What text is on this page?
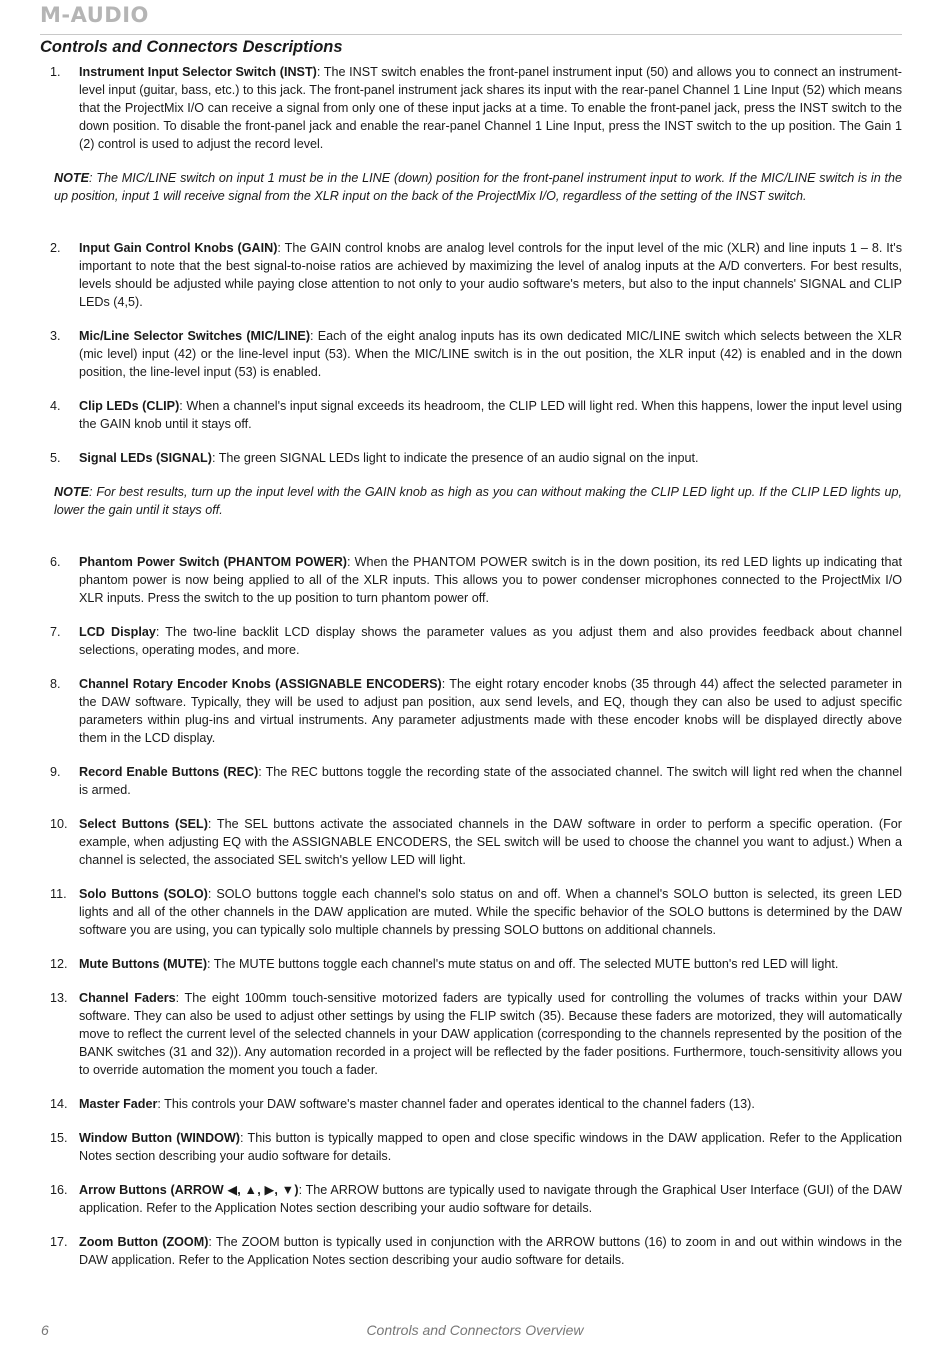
M-AUDIO
Controls and Connectors Descriptions
1.	Instrument Input Selector Switch (INST): The INST switch enables the front-panel instrument input (50) and allows you to connect an instrument-level input (guitar, bass, etc.) to this jack. The front-panel instrument jack shares its input with the rear-panel Channel 1 Line Input (52) which means that the ProjectMix I/O can receive a signal from only one of these input jacks at a time. To enable the front-panel jack, press the INST switch to the down position. To disable the front-panel jack and enable the rear-panel Channel 1 Line Input, press the INST switch to the up position. The Gain 1 (2) control is used to adjust the record level.
NOTE: The MIC/LINE switch on input 1 must be in the LINE (down) position for the front-panel instrument input to work. If the MIC/LINE switch is in the up position, input 1 will receive signal from the XLR input on the back of the ProjectMix I/O, regardless of the setting of the INST switch.
2.	Input Gain Control Knobs (GAIN): The GAIN control knobs are analog level controls for the input level of the mic (XLR) and line inputs 1 – 8. It's important to note that the best signal-to-noise ratios are achieved by maximizing the level of analog inputs at the A/D converters. For best results, levels should be adjusted while paying close attention to not only to your audio software's meters, but also to the input channels' SIGNAL and CLIP LEDs (4,5).
3.	Mic/Line Selector Switches (MIC/LINE): Each of the eight analog inputs has its own dedicated MIC/LINE switch which selects between the XLR (mic level) input (42) or the line-level input (53). When the MIC/LINE switch is in the out position, the XLR input (42) is enabled and in the down position, the line-level input (53) is enabled.
4.	Clip LEDs (CLIP): When a channel's input signal exceeds its headroom, the CLIP LED will light red. When this happens, lower the input level using the GAIN knob until it stays off.
5.	Signal LEDs (SIGNAL): The green SIGNAL LEDs light to indicate the presence of an audio signal on the input.
NOTE: For best results, turn up the input level with the GAIN knob as high as you can without making the CLIP LED light up. If the CLIP LED lights up, lower the gain until it stays off.
6.	Phantom Power Switch (PHANTOM POWER): When the PHANTOM POWER switch is in the down position, its red LED lights up indicating that phantom power is now being applied to all of the XLR inputs. This allows you to power condenser microphones connected to the ProjectMix I/O XLR inputs. Press the switch to the up position to turn phantom power off.
7.	LCD Display: The two-line backlit LCD display shows the parameter values as you adjust them and also provides feedback about channel selections, operating modes, and more.
8.	Channel Rotary Encoder Knobs (ASSIGNABLE ENCODERS): The eight rotary encoder knobs (35 through 44) affect the selected parameter in the DAW software. Typically, they will be used to adjust pan position, aux send levels, and EQ, though they can also be used to adjust specific parameters within plug-ins and virtual instruments. Any parameter adjustments made with these encoder knobs will be displayed directly above them in the LCD display.
9.	Record Enable Buttons (REC): The REC buttons toggle the recording state of the associated channel. The switch will light red when the channel is armed.
10. Select Buttons (SEL): The SEL buttons activate the associated channels in the DAW software in order to perform a specific operation. (For example, when adjusting EQ with the ASSIGNABLE ENCODERS, the SEL switch will be used to choose the channel you want to adjust.) When a channel is selected, the associated SEL switch's yellow LED will light.
11. Solo Buttons (SOLO): SOLO buttons toggle each channel's solo status on and off. When a channel's SOLO button is selected, its green LED lights and all of the other channels in the DAW application are muted. While the specific behavior of the SOLO buttons is determined by the DAW software you are using, you can typically solo multiple channels by pressing SOLO buttons on additional channels.
12. Mute Buttons (MUTE): The MUTE buttons toggle each channel's mute status on and off. The selected MUTE button's red LED will light.
13. Channel Faders: The eight 100mm touch-sensitive motorized faders are typically used for controlling the volumes of tracks within your DAW software. They can also be used to adjust other settings by using the FLIP switch (35). Because these faders are motorized, they will automatically move to reflect the current level of the selected channels in your DAW application (corresponding to the channels represented by the position of the BANK switches (31 and 32)). Any automation recorded in a project will be reflected by the fader positions. Furthermore, touch-sensitivity allows you to override automation the moment you touch a fader.
14. Master Fader: This controls your DAW software's master channel fader and operates identical to the channel faders (13).
15. Window Button (WINDOW): This button is typically mapped to open and close specific windows in the DAW application. Refer to the Application Notes section describing your audio software for details.
16. Arrow Buttons (ARROW ◀, ▲, ▶, ▼): The ARROW buttons are typically used to navigate through the Graphical User Interface (GUI) of the DAW application. Refer to the Application Notes section describing your audio software for details.
17. Zoom Button (ZOOM): The ZOOM button is typically used in conjunction with the ARROW buttons (16) to zoom in and out within windows in the DAW application. Refer to the Application Notes section describing your audio software for details.
6	Controls and Connectors Overview
